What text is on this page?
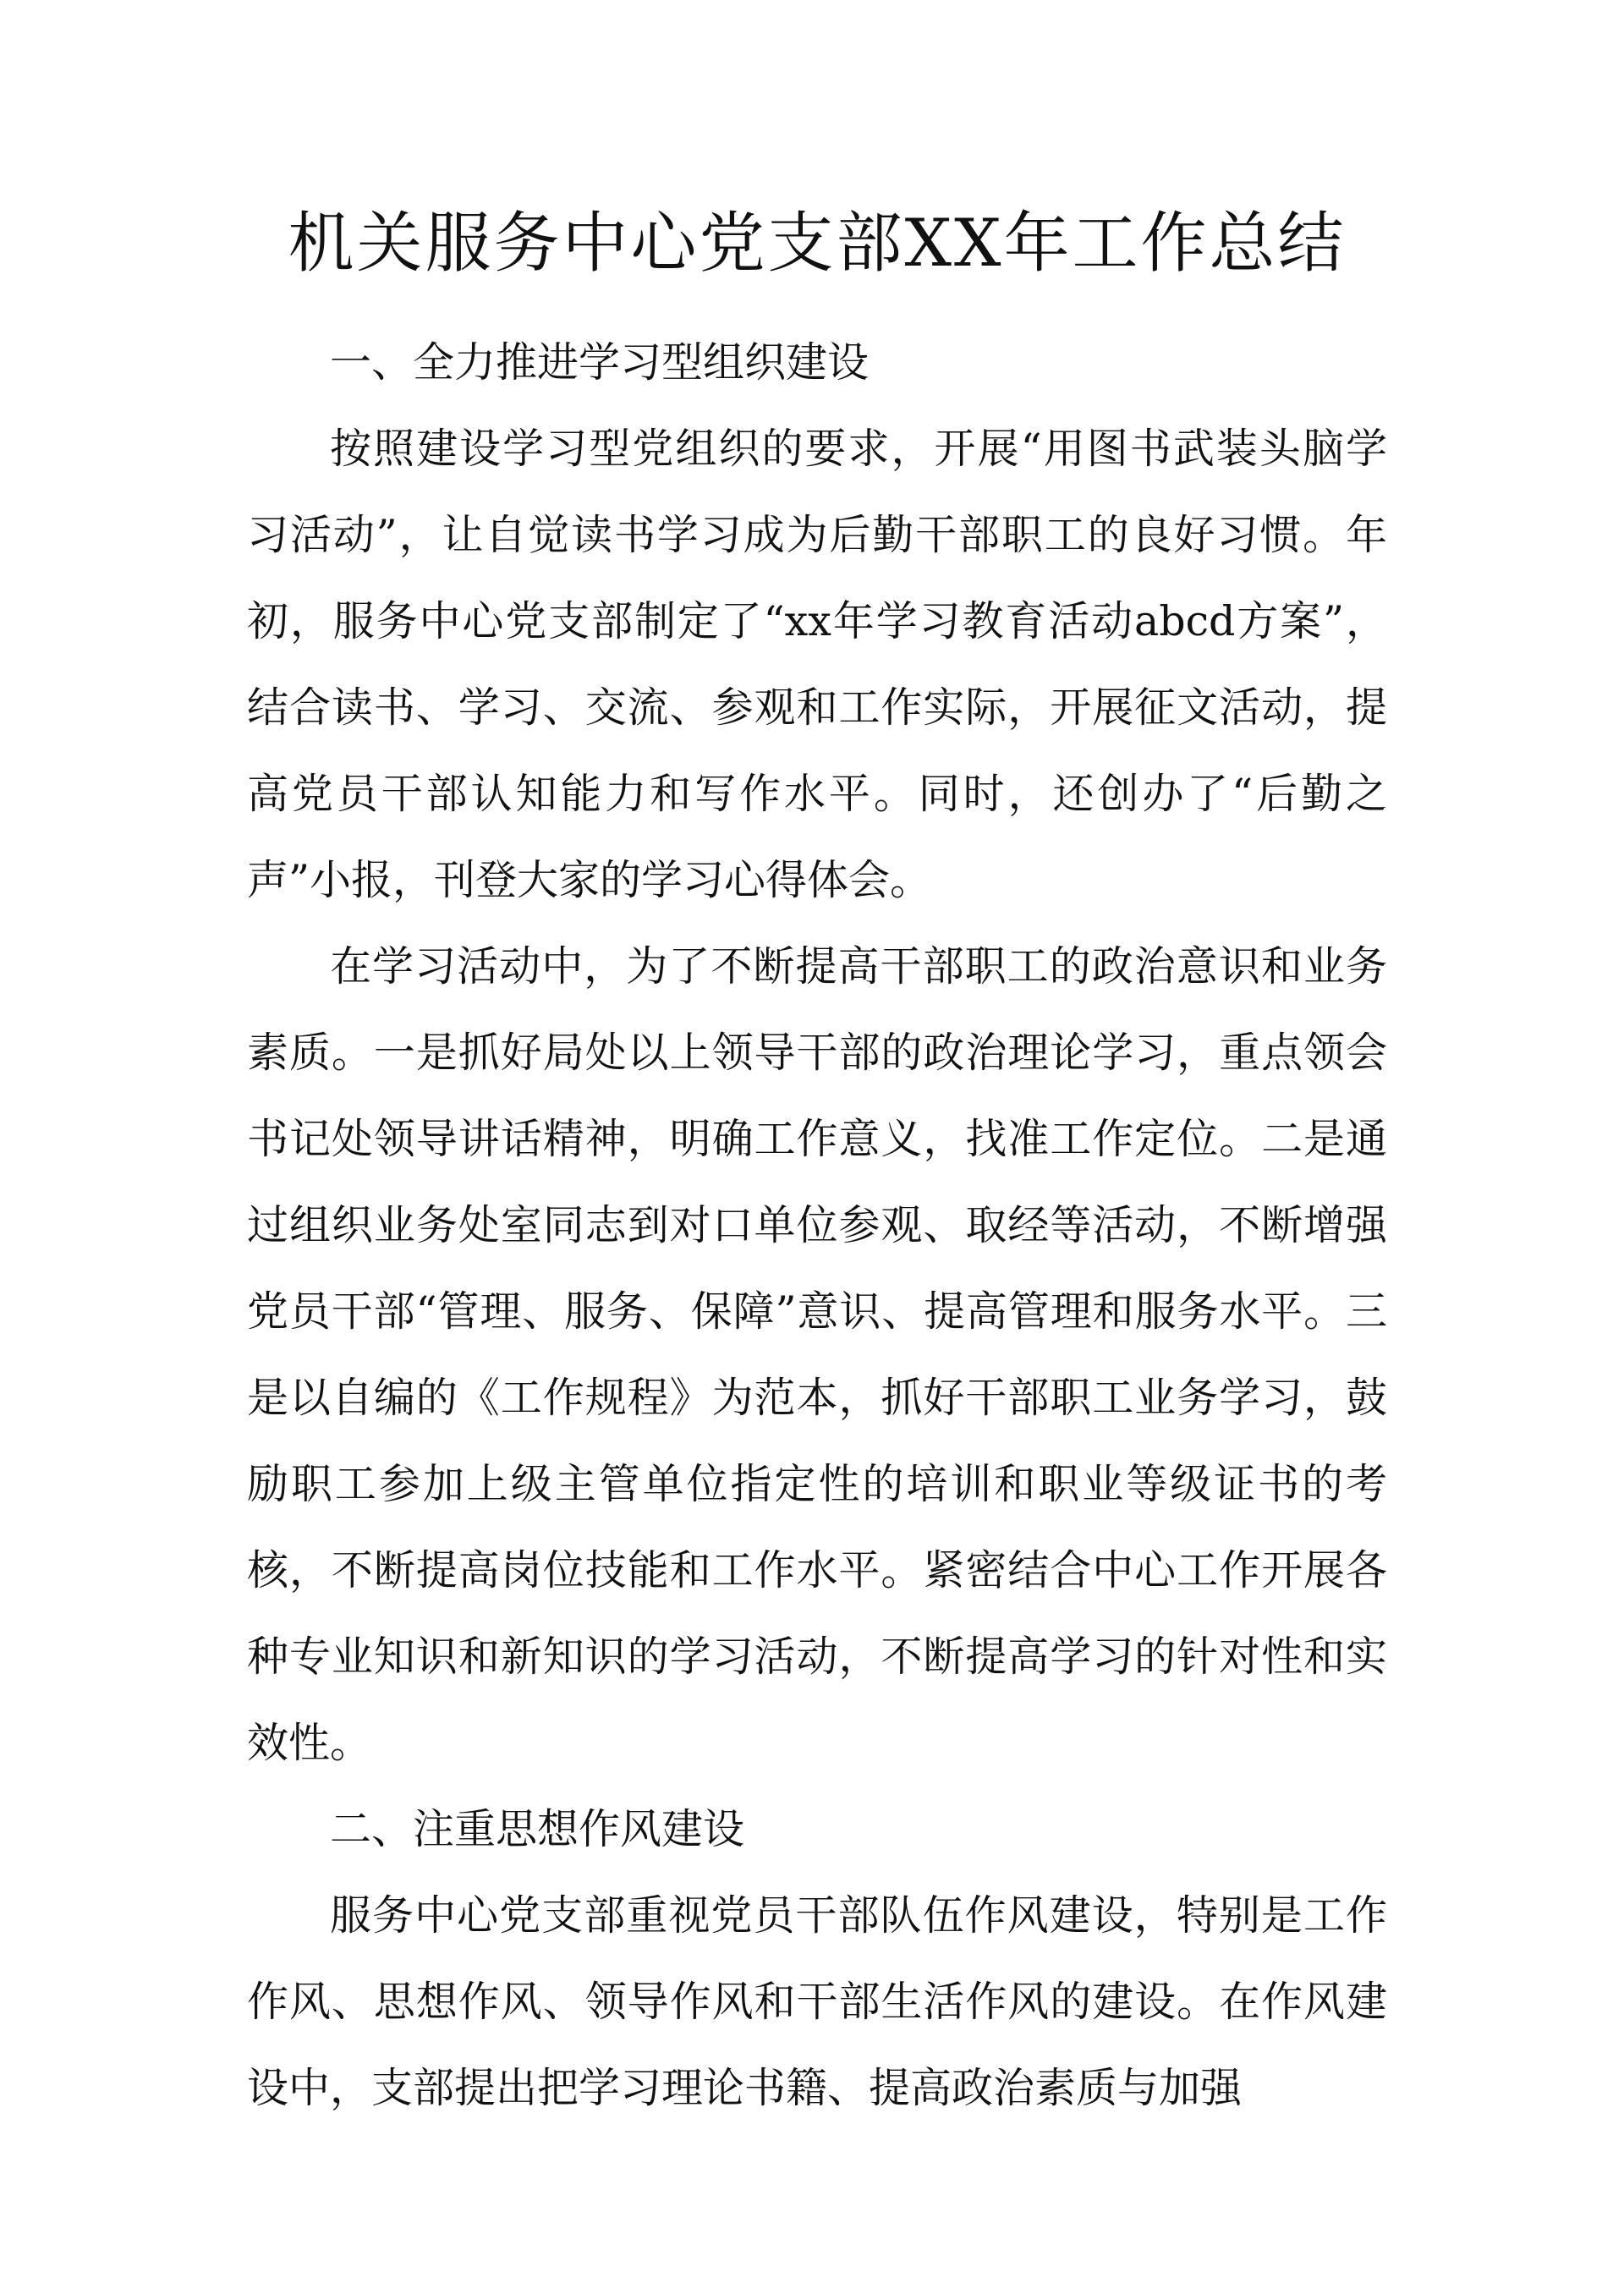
机关服务中心党支部XX年工作总结
一、全力推进学习型组织建设

按照建设学习型党组织的要求，开展“用图书武装头脑学习活动”，让自觉读书学习成为后勤干部职工的良好习惯。年初，服务中心党支部制定了“xx年学习教育活动abcd方案”，结合读书、学习、交流、参观和工作实际，开展征文活动，提高党员干部认知能力和写作水平。同时，还创办了“后勤之声”小报，刊登大家的学习心得体会。

在学习活动中，为了不断提高干部职工的政治意识和业务素质。一是抓好局处以上领导干部的政治理论学习，重点领会书记处领导讲话精神，明确工作意义，找准工作定位。二是通过组织业务处室同志到对口单位参观、取经等活动，不断增强党员干部“管理、服务、保障”意识、提高管理和服务水平。三是以自编的《工作规程》为范本，抓好干部职工业务学习，鼓励职工参加上级主管单位指定性的培训和职业等级证书的考核，不断提高岗位技能和工作水平。紧密结合中心工作开展各种专业知识和新知识的学习活动，不断提高学习的针对性和实效性。

二、注重思想作风建设

服务中心党支部重视党员干部队伍作风建设，特别是工作作风、思想作风、领导作风和干部生活作风的建设。在作风建设中，支部提出把学习理论书籍、提高政治素质与加强
